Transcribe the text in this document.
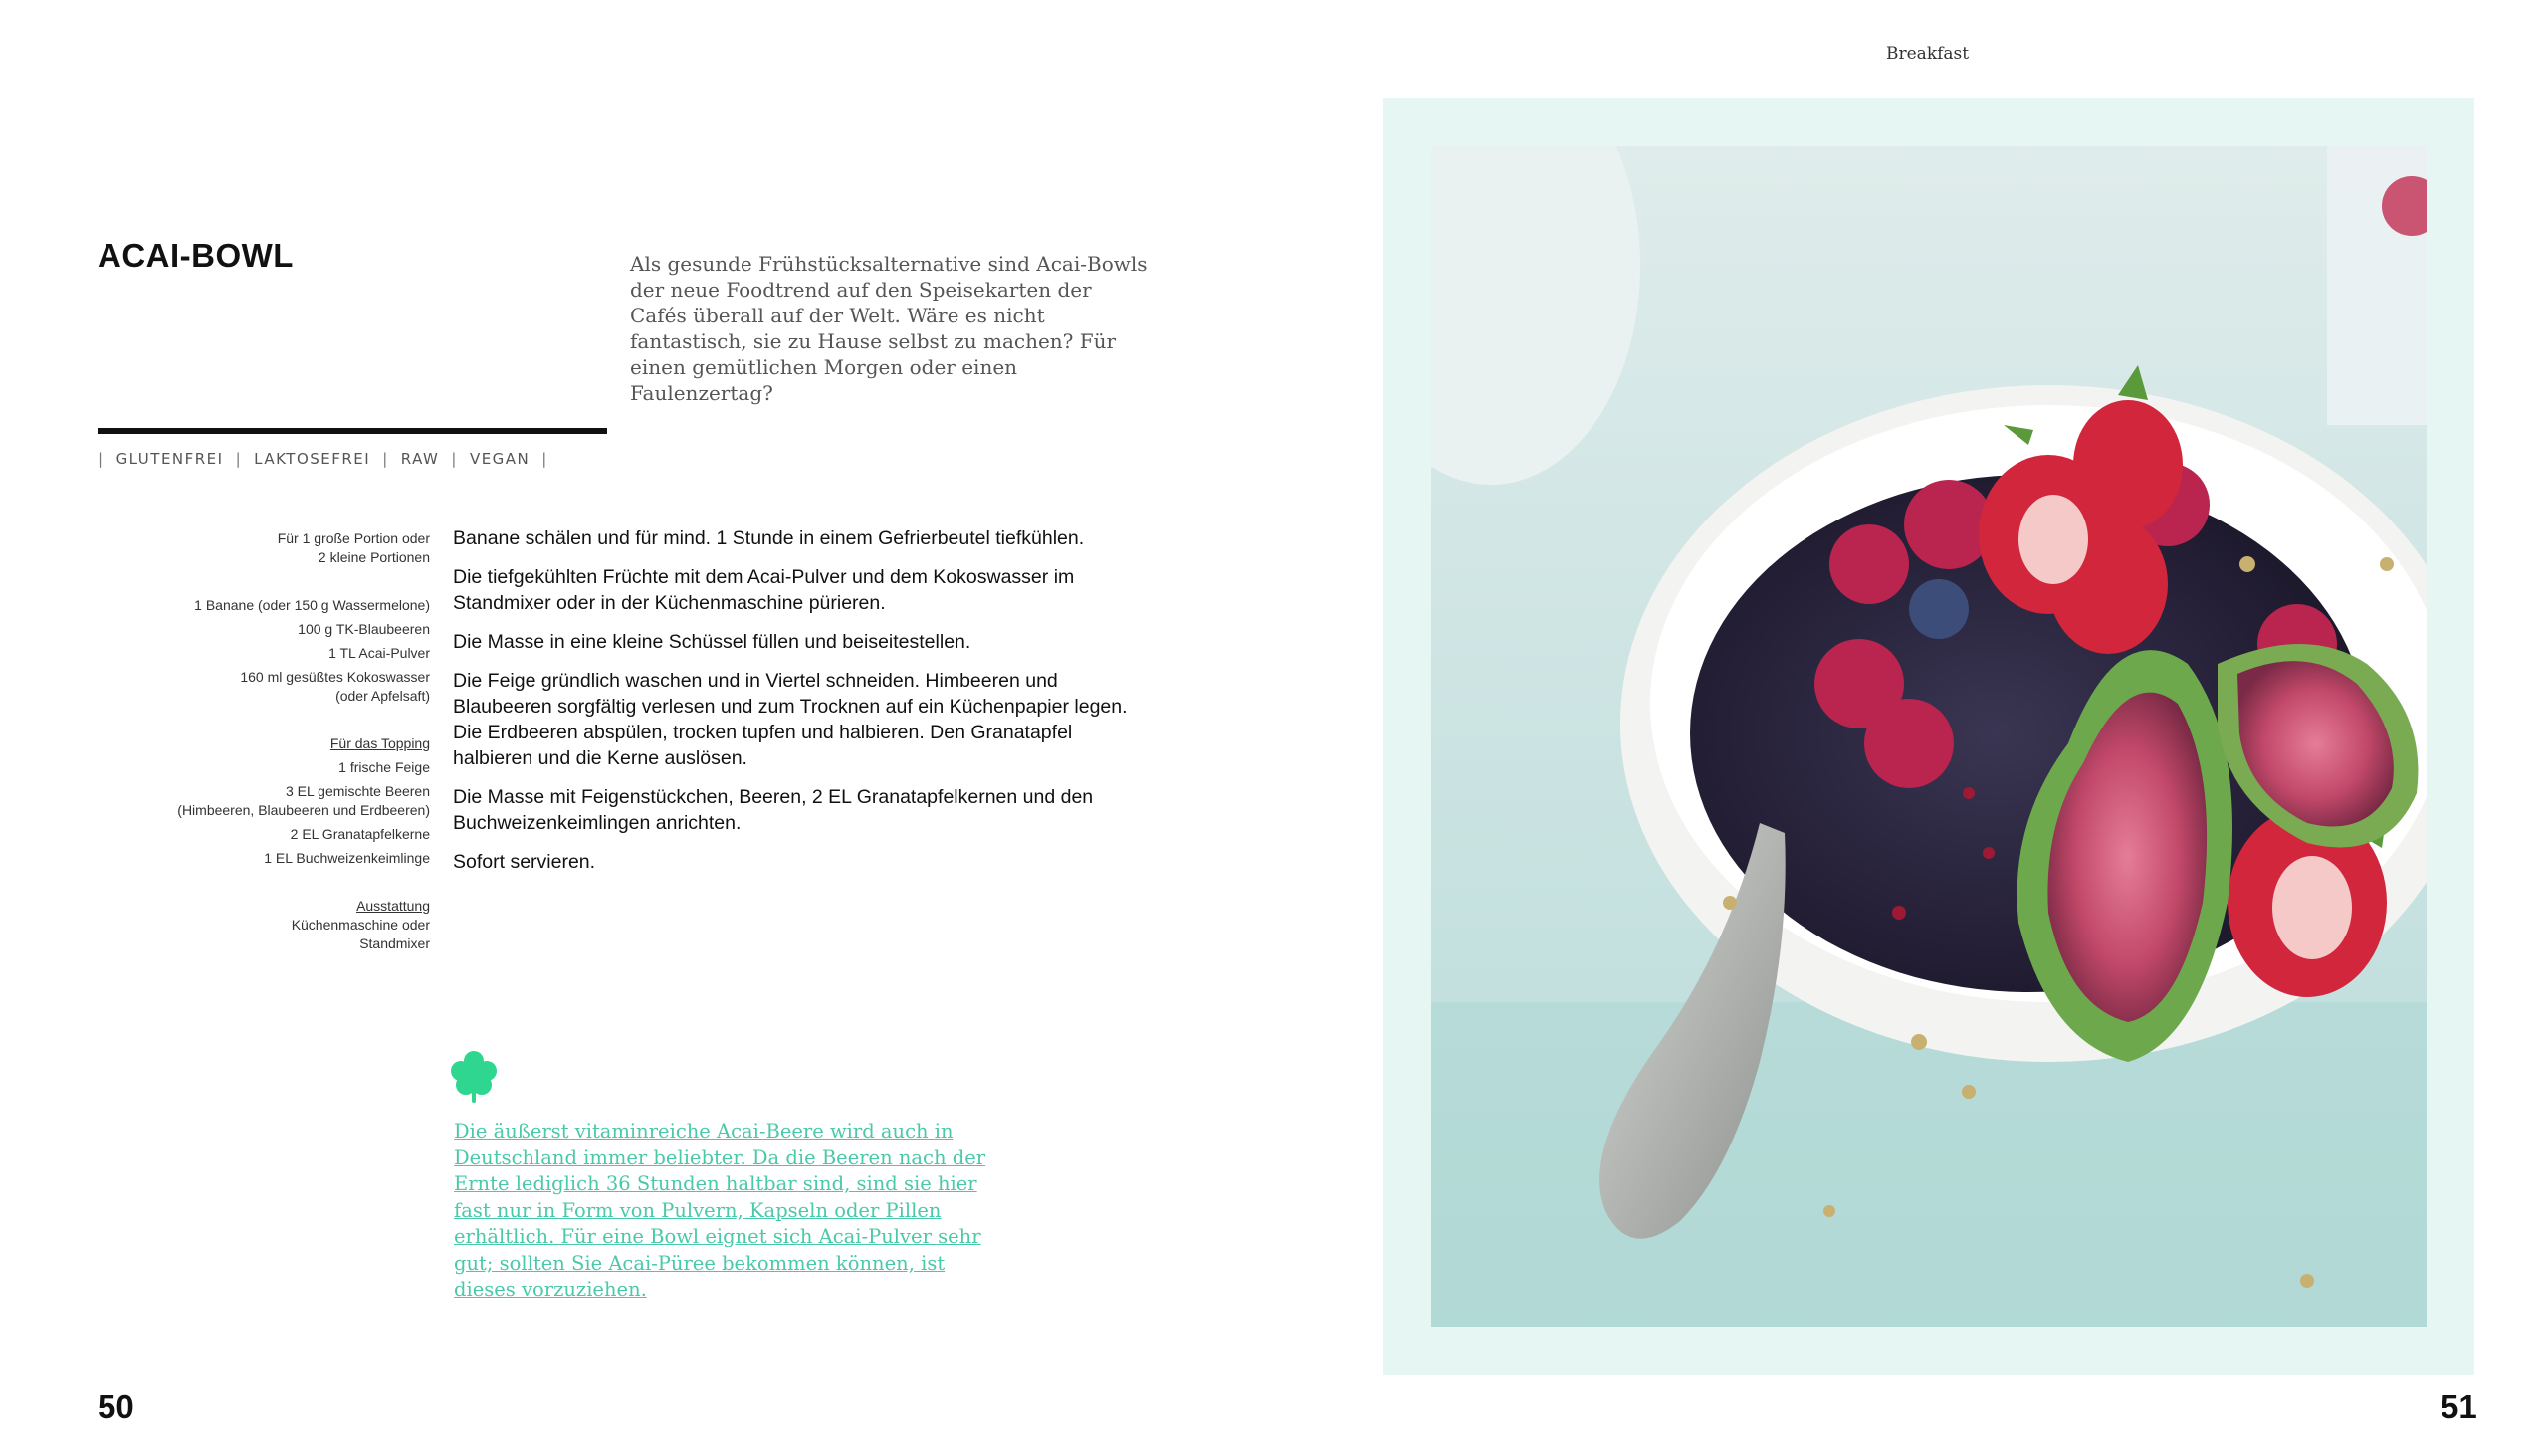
ACAI-BOWL	Als gesunde Frühstücksalternative sind Acai-Bowls der neue Foodtrend auf den Speisekarten der Cafés überall auf der Welt. Wäre es nicht fantastisch, sie zu Hause selbst zu machen? Für einen gemütlichen Morgen oder einen Faulenzertag?
| GLUTENFREI | LAKTOSEFREI | RAW | VEGAN |
Für 1 große Portion oder
2 kleine Portionen
1 Banane (oder 150 g Wassermelone)
100 g TK-Blaubeeren
1 TL Acai-Pulver
160 ml gesüßtes Kokoswasser
(oder Apfelsaft)
Für das Topping
1 frische Feige
3 EL gemischte Beeren
(Himbeeren, Blaubeeren und Erdbeeren)
2 EL Granatapfelkerne
1 EL Buchweizenkeimlinge
Ausstattung
Küchenmaschine oder
Standmixer

Banane schälen und für mind. 1 Stunde in einem Gefrierbeutel tiefkühlen.

Die tiefgekühlten Früchte mit dem Acai-Pulver und dem Kokoswasser im Standmixer oder in der Küchenmaschine pürieren.

Die Masse in eine kleine Schüssel füllen und beiseitestellen.

Die Feige gründlich waschen und in Viertel schneiden. Himbeeren und Blaubeeren sorgfältig verlesen und zum Trocknen auf ein Küchenpapier legen. Die Erdbeeren abspülen, trocken tupfen und halbieren. Den Granatapfel halbieren und die Kerne auslösen.

Die Masse mit Feigenstückchen, Beeren, 2 EL Granatapfelkernen und den Buchweizenkeimlingen anrichten.

Sofort servieren.

Die äußerst vitaminreiche Acai-Beere wird auch in Deutschland immer beliebter. Da die Beeren nach der Ernte lediglich 36 Stunden haltbar sind, sind sie hier fast nur in Form von Pulvern, Kapseln oder Pillen erhältlich. Für eine Bowl eignet sich Acai-Pulver sehr gut; sollten Sie Acai-Püree bekommen können, ist dieses vorzuziehen.
50
Breakfast
51
